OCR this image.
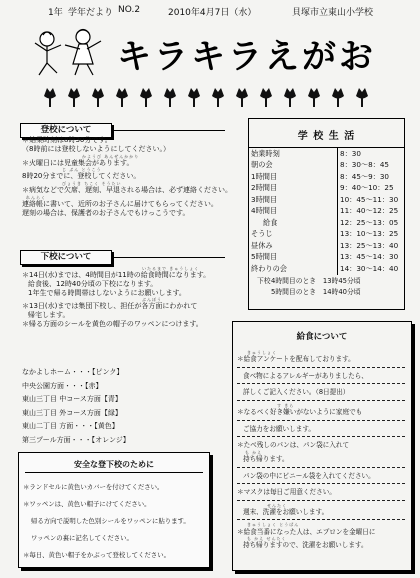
1年 学年だより NO.2	2010年4月7日（水）	貝塚市立東山小学校
キラキラえがお
登校について

＊始業時刻は8時30分です。

（8時前には登校しないようにしてください。）

かようび あんぜんかかり

＊火曜日には児童集会があります。

じ ぷん とうこう

8時20分までに、登校してください。

びょうき ちこく そうたい

＊病気などで欠席、遅刻、早退される場合は、必ず連絡ください。

れんらく

連絡帳に書いて、近所のお子さんに届けてもらってください。

遅刻の場合は、保護者のお子さんでもけっこうです。

下校について

いたるまで きゅうしょく

＊14日(水)までは、4時間目が11時の給食時間になります。

給食後、12時40分頃の下校になります。

1年生で帰る時間帯はしないようにお願いします。

ぶんぼう

＊13日(水)までは集団下校し、担任が各方面にわかれて

帰宅します。

＊帰る方面のシールを黄色の帽子のワッペンにつけます。

なかよしホーム・・・【ピンク】

中央公園方面・・・【赤】

東山三丁目 中コース方面【青】

東山三丁目 外コース方面【緑】

東山二丁目 方面・・・【黄色】

第三プール方面・・・【オレンジ】

安全な登下校のために

＊ランドセルに黄色いカバーを付けてください。

＊ワッペンは、黄色い帽子にけてください。

帰る方向で説明した色別シールをワッペンに貼ります。

ワッペンの裏に記名してください。

＊毎日、黄色い帽子をかぶって登校してください。

学 校 生 活
始業時刻	8：30
朝の会	8：30〜8：45
1時間目	8：45〜9：30
2時間目	9：40〜10：25
3時間目	10：45〜11：30
4時間目	11：40〜12：25
給食	12：25〜13：05
そうじ	13：10〜13：25
昼休み	13：25〜13：40
5時間目	13：45〜14：30
終わりの会	14：30〜14：40

下校4時間目のとき　13時45分頃

5時間目のとき　14時40分頃

給食について

きゅうしょく

＊給食アンケートを配布しております。

食べ物によるアレルギーがありましたら、

詳しくご記入ください。（8日提出）

す きら

＊なるべく好き嫌いがないように家庭でも

ご協力をお願いします。

＊たべ残しのパンは、パン袋に入れて

も かえ

持ち帰ります。

パン袋の中にビニール袋を入れてください。

＊マスクは毎日ご用意ください。

せんたく

週末、洗濯をお願いします。

きゅうしょく とうばん

＊給食当番になった人は、エプロンを金曜日に

も かえ せんたく

持ち帰りますので、洗濯をお願いします。
